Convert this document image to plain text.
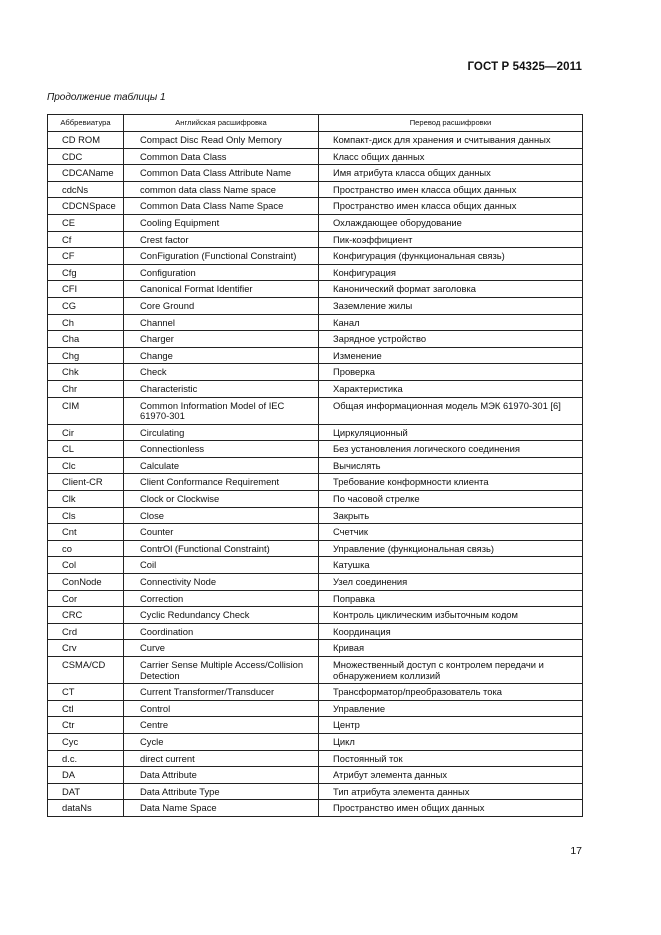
ГОСТ Р 54325—2011
Продолжение таблицы 1
Аббревиатура	Английская расшифровка	Перевод расшифровки
CD ROM	Compact Disc Read Only Memory	Компакт-диск для хранения и считывания данных
CDC	Common Data Class	Класс общих данных
CDCAName	Common Data Class Attribute Name	Имя атрибута класса общих данных
cdcNs	common data class Name space	Пространство имен класса общих данных
CDCNSpace	Common Data Class Name Space	Пространство имен класса общих данных
CE	Cooling Equipment	Охлаждающее оборудование
Cf	Crest factor	Пик-коэффициент
CF	ConFiguration (Functional Constraint)	Конфигурация (функциональная связь)
Cfg	Configuration	Конфигурация
CFI	Canonical Format Identifier	Канонический формат заголовка
CG	Core Ground	Заземление жилы
Ch	Channel	Канал
Cha	Charger	Зарядное устройство
Chg	Change	Изменение
Chk	Check	Проверка
Chr	Characteristic	Характеристика
CIM	Common Information Model of IEC 61970-301	Общая информационная модель МЭК 61970-301 [6]
Cir	Circulating	Циркуляционный
CL	Connectionless	Без установления логического соединения
Clc	Calculate	Вычислять
Client-CR	Client Conformance Requirement	Требование конформности клиента
Clk	Clock or Clockwise	По часовой стрелке
Cls	Close	Закрыть
Cnt	Counter	Счетчик
co	ContrOl (Functional Constraint)	Управление (функциональная связь)
Col	Coil	Катушка
ConNode	Connectivity Node	Узел соединения
Cor	Correction	Поправка
CRC	Cyclic Redundancy Check	Контроль циклическим избыточным кодом
Crd	Coordination	Координация
Crv	Curve	Кривая
CSMA/CD	Carrier Sense Multiple Access/Collision Detection	Множественный доступ с контролем передачи и обнаружением коллизий
CT	Current Transformer/Transducer	Трансформатор/преобразователь тока
Ctl	Control	Управление
Ctr	Centre	Центр
Cyc	Cycle	Цикл
d.c.	direct current	Постоянный ток
DA	Data Attribute	Атрибут элемента данных
DAT	Data Attribute Type	Тип атрибута элемента данных
dataNs	Data Name Space	Пространство имен общих данных
17
